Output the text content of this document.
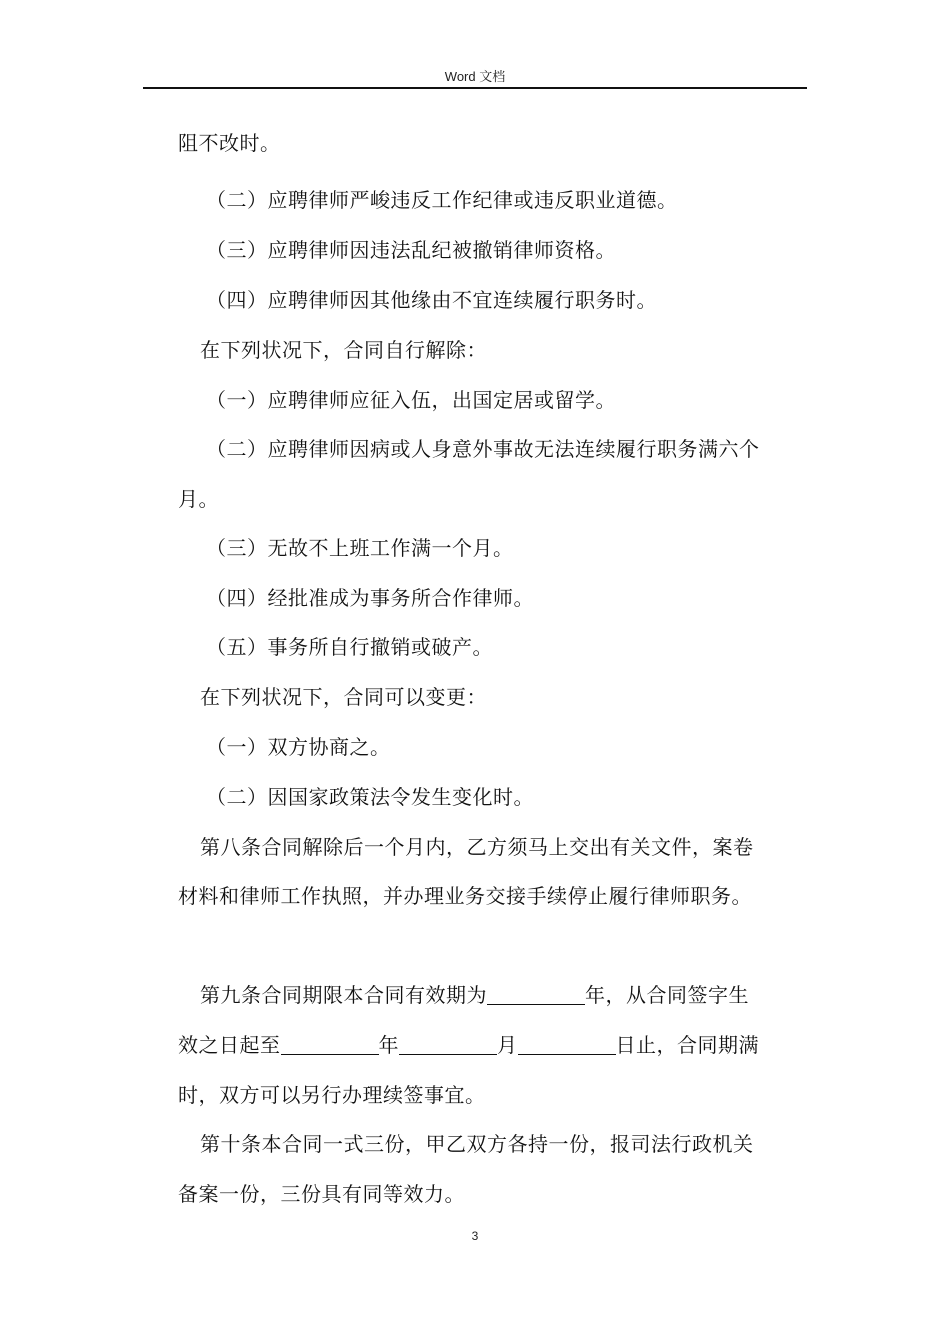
Word 文档
阻不改时。
（二）应聘律师严峻违反工作纪律或违反职业道德。
（三）应聘律师因违法乱纪被撤销律师资格。
（四）应聘律师因其他缘由不宜连续履行职务时。
在下列状况下，合同自行解除：
（一）应聘律师应征入伍，出国定居或留学。
（二）应聘律师因病或人身意外事故无法连续履行职务满六个
月。
（三）无故不上班工作满一个月。
（四）经批准成为事务所合作律师。
（五）事务所自行撤销或破产。
在下列状况下，合同可以变更：
（一）双方协商之。
（二）因国家政策法令发生变化时。
第八条合同解除后一个月内，乙方须马上交出有关文件，案卷
材料和律师工作执照，并办理业务交接手续停止履行律师职务。
第九条合同期限本合同有效期为	年，从合同签字生
效之日起至	年	月	日止，合同期满
时，双方可以另行办理续签事宜。
第十条本合同一式三份，甲乙双方各持一份，报司法行政机关
备案一份，三份具有同等效力。
3
